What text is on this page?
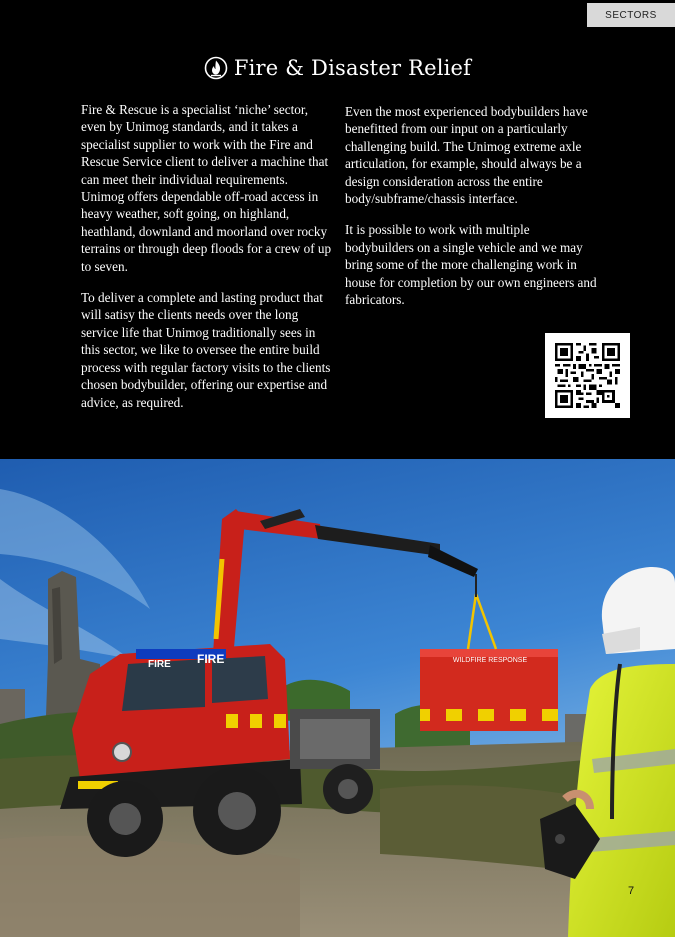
SECTORS
Fire & Disaster Relief

Fire & Rescue is a specialist ‘niche’ sector, even by Unimog standards, and it takes a specialist supplier to work with the Fire and Rescue Service client to deliver a machine that can meet their individual requirements. Unimog offers dependable off-road access in heavy weather, soft going, on highland, heathland, downland and moorland over rocky terrains or through deep floods for a crew of up to seven.

To deliver a complete and lasting product that will satisy the clients needs over the long service life that Unimog traditionally sees in this sector, we like to oversee the entire build process with regular factory visits to the clients chosen bodybuilder, offering our expertise and advice, as required.

Even the most experienced bodybuilders have benefitted from our input on a particularly challenging build. The Unimog extreme axle articulation, for example, should always be a design consideration across the entire body/subframe/chassis interface.

It is possible to work with multiple bodybuilders on a single vehicle and we may bring some of the more challenging work in house for completion by our own engineers and fabricators.

WILDFIRE RESPONSE
FIRE FIRE
7
